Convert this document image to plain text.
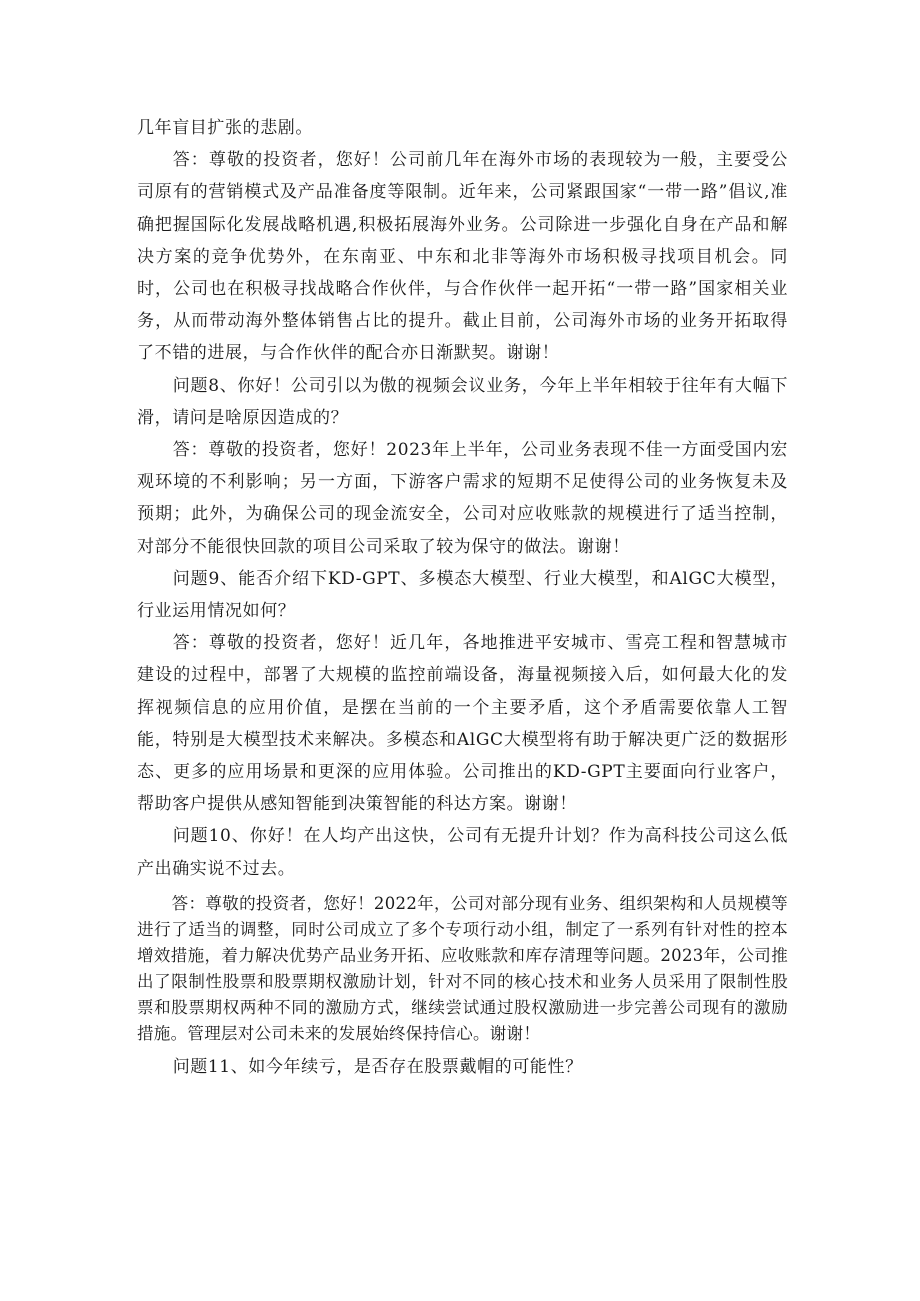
几年盲目扩张的悲剧。

答：尊敬的投资者，您好！公司前几年在海外市场的表现较为一般，主要受公司原有的营销模式及产品准备度等限制。近年来，公司紧跟国家“一带一路”倡议,准确把握国际化发展战略机遇,积极拓展海外业务。公司除进一步强化自身在产品和解决方案的竞争优势外，在东南亚、中东和北非等海外市场积极寻找项目机会。同时，公司也在积极寻找战略合作伙伴，与合作伙伴一起开拓“一带一路”国家相关业务，从而带动海外整体销售占比的提升。截止目前，公司海外市场的业务开拓取得了不错的进展，与合作伙伴的配合亦日渐默契。谢谢！

问题8、你好！公司引以为傲的视频会议业务，今年上半年相较于往年有大幅下滑，请问是啥原因造成的？

答：尊敬的投资者，您好！2023年上半年，公司业务表现不佳一方面受国内宏观环境的不利影响；另一方面，下游客户需求的短期不足使得公司的业务恢复未及预期；此外，为确保公司的现金流安全，公司对应收账款的规模进行了适当控制，对部分不能很快回款的项目公司采取了较为保守的做法。谢谢！

问题9、能否介绍下KD-GPT、多模态大模型、行业大模型，和AlGC大模型，行业运用情况如何？

答：尊敬的投资者，您好！近几年，各地推进平安城市、雪亮工程和智慧城市建设的过程中，部署了大规模的监控前端设备，海量视频接入后，如何最大化的发挥视频信息的应用价值，是摆在当前的一个主要矛盾，这个矛盾需要依靠人工智能，特别是大模型技术来解决。多模态和AlGC大模型将有助于解决更广泛的数据形态、更多的应用场景和更深的应用体验。公司推出的KD-GPT主要面向行业客户，帮助客户提供从感知智能到决策智能的科达方案。谢谢！

问题10、你好！在人均产出这快，公司有无提升计划？作为高科技公司这么低产出确实说不过去。

答：尊敬的投资者，您好！2022年，公司对部分现有业务、组织架构和人员规模等进行了适当的调整，同时公司成立了多个专项行动小组，制定了一系列有针对性的控本增效措施，着力解决优势产品业务开拓、应收账款和库存清理等问题。2023年，公司推出了限制性股票和股票期权激励计划，针对不同的核心技术和业务人员采用了限制性股票和股票期权两种不同的激励方式，继续尝试通过股权激励进一步完善公司现有的激励措施。管理层对公司未来的发展始终保持信心。谢谢！

问题11、如今年续亏，是否存在股票戴帽的可能性？
